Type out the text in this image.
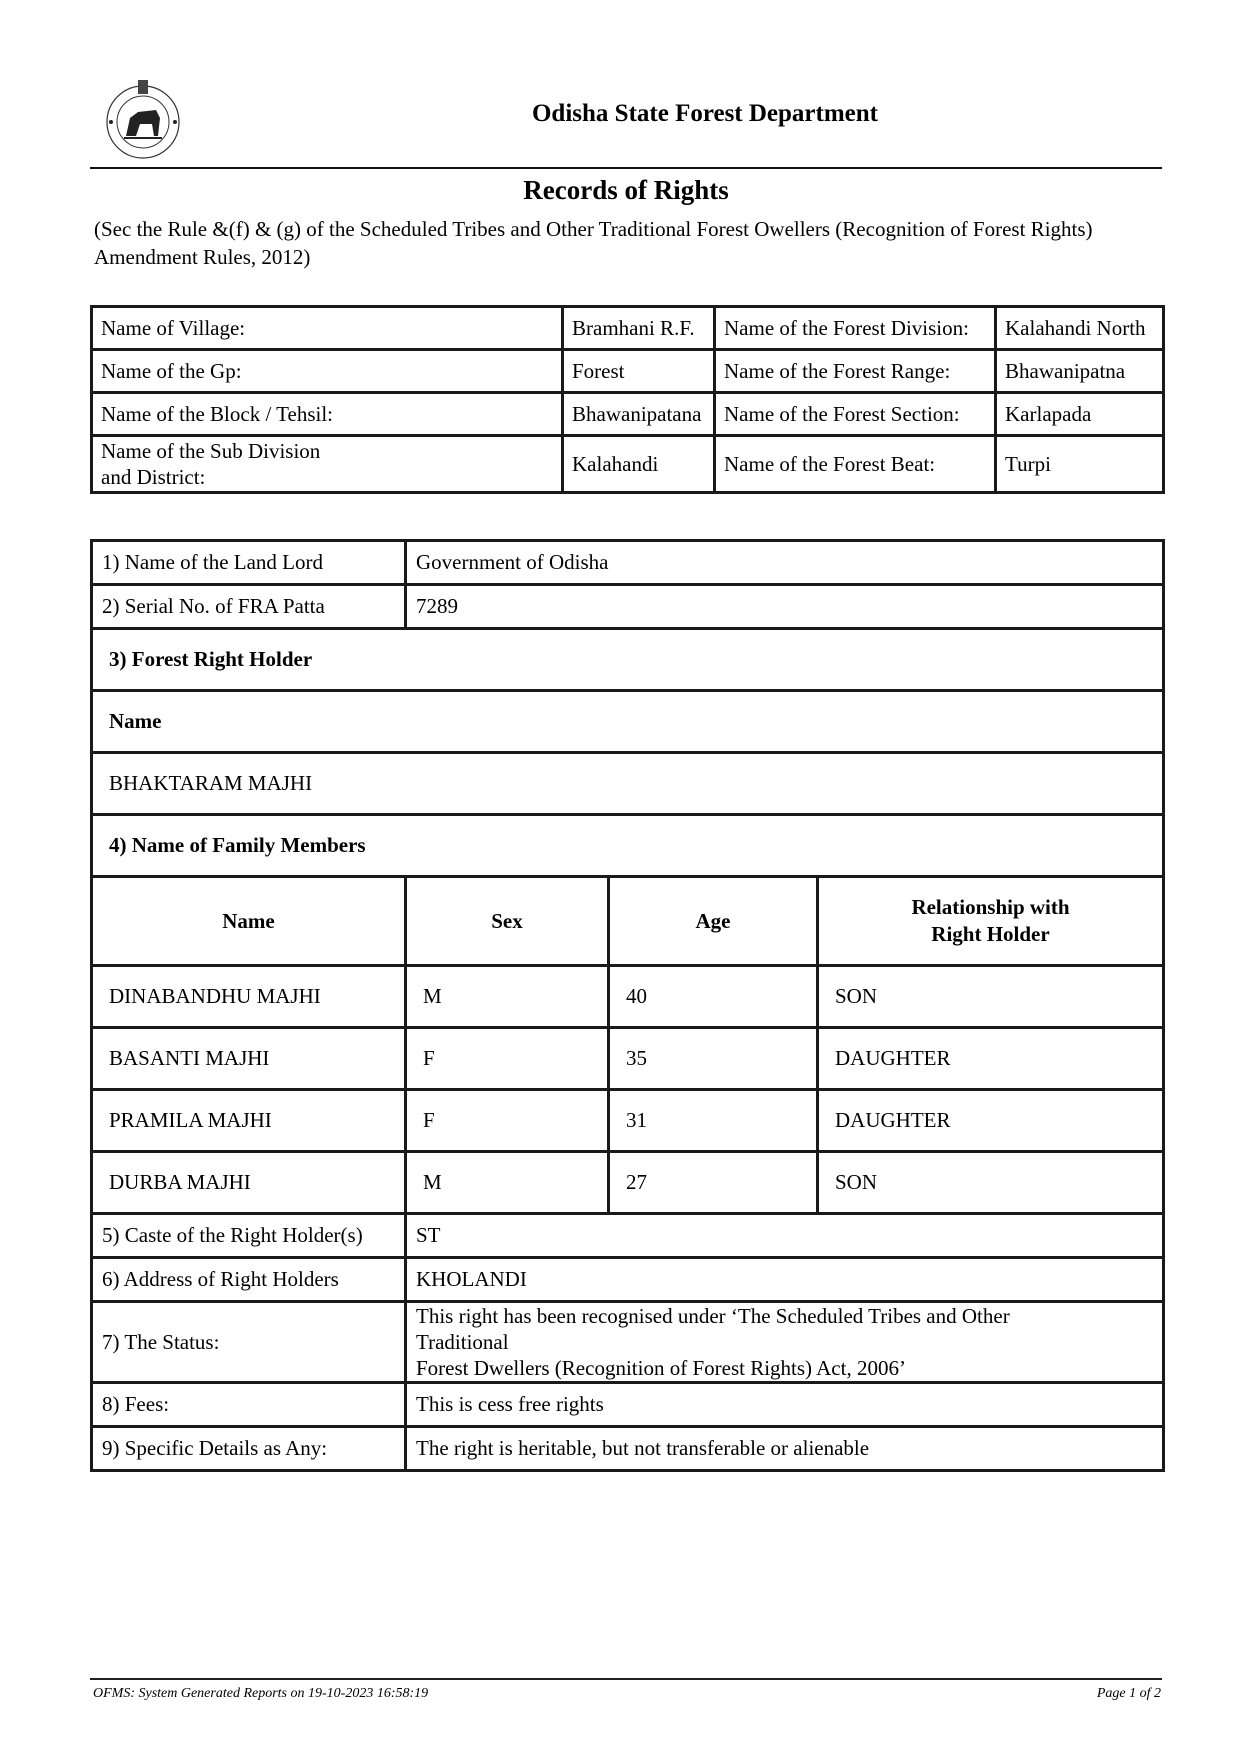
Odisha State Forest Department
Records of Rights
(Sec the Rule &(f) & (g) of the Scheduled Tribes and Other Traditional Forest Owellers (Recognition of Forest Rights) Amendment Rules, 2012)
Name of Village:	Bramhani R.F.	Name of the Forest Division:	Kalahandi North
Name of the Gp:	Forest	Name of the Forest Range:	Bhawanipatna
Name of the Block / Tehsil:	Bhawanipatana	Name of the Forest Section:	Karlapada
Name of the Sub Division
and District:	Kalahandi	Name of the Forest Beat:	Turpi
1) Name of the Land Lord	Government of Odisha		
2) Serial No. of FRA Patta	7289		
3) Forest Right Holder			
Name			
BHAKTARAM MAJHI			
4) Name of Family Members			
Name	Sex	Age	Relationship with
Right Holder
DINABANDHU MAJHI	M	40	SON
BASANTI MAJHI	F	35	DAUGHTER
PRAMILA MAJHI	F	31	DAUGHTER
DURBA MAJHI	M	27	SON
5) Caste of the Right Holder(s)	ST		
6) Address of Right Holders	KHOLANDI		
7) The Status:	This right has been recognised under ‘The Scheduled Tribes and Other
Traditional
Forest Dwellers (Recognition of Forest Rights) Act, 2006’		
8) Fees:	This is cess free rights		
9) Specific Details as Any:	The right is heritable, but not transferable or alienable		
OFMS: System Generated Reports on 19-10-2023 16:58:19	Page 1 of 2
